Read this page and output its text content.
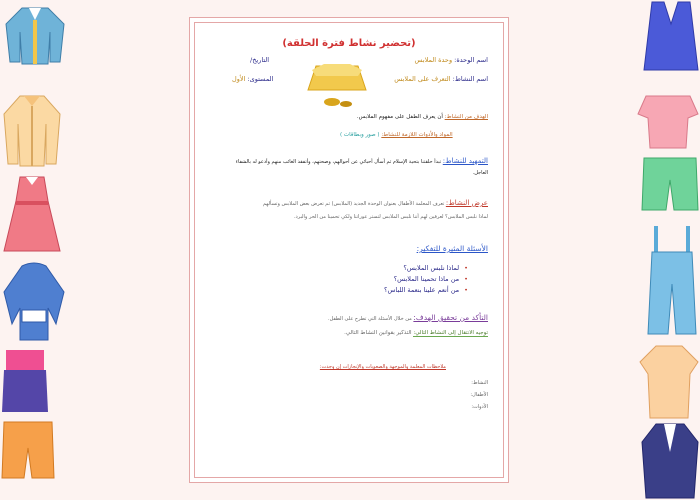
(تحضير نشاط فترة الحلقة)
اسم الوحدة: وحدة الملابس
التاريخ/
اسم النشاط: التعرف على الملابس
المستوى: الأول
الهدف من النشاط: أن يعرف الطفل على مفهوم الملابس.
المواد والأدوات اللازمة للنشاط: ( صور وبطاقات )
التمهيد للنشاط: تبدأ حلقتنا بتحية الإسلام ثم أسأل أحبائي عن أحوالهم، وصحتهم، وأتفقد الغائب منهم وأدعو له بالشفاء
العاجل.
عرض النشاط: تعرف المعلمة الأطفال بعنوان الوحدة الجديد (الملابس) ثم تعرض بعض الملابس وتسألهم
لماذا نلبس الملابس؟ لعرفين لهم أننا نلبس الملابس لتستر عوراتنا ولكي تحمينا من الحر والبرد.
الأسئلة المثيرة للتفكير:
• لماذا نلبس الملابس؟
• من ماذا تحمينا الملابس؟
• من أنعم علينا بنعمة اللباس؟
التأكد من تحقيق الهدف: من خلال الأسئلة التي تطرح على الطفل.
توجيه الانتقال إلى النشاط التالي: التذكير بقوانين النشاط التالي.
ملاحظات المعلمة والموجهة والصعوبات والإنجازات إن وجدت:
النشاط:
الأطفال:
الأدوات:
